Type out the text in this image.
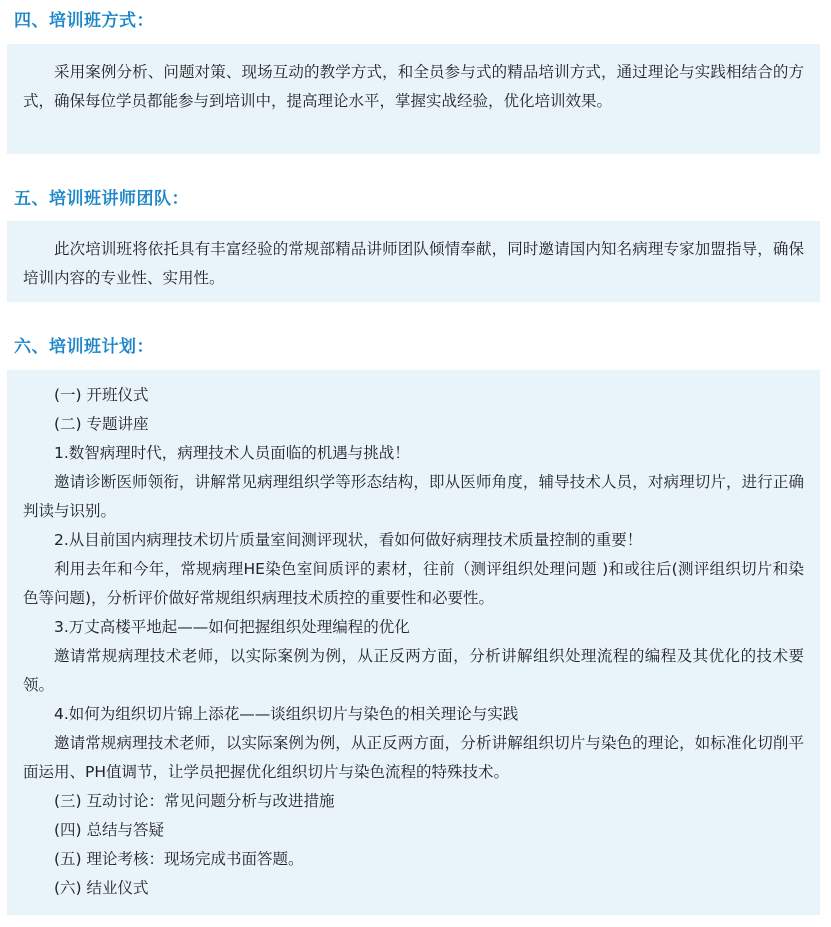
四、培训班方式：

采用案例分析、问题对策、现场互动的教学方式，和全员参与式的精品培训方式，通过理论与实践相结合的方式，确保每位学员都能参与到培训中，提高理论水平，掌握实战经验，优化培训效果。

五、培训班讲师团队：

此次培训班将依托具有丰富经验的常规部精品讲师团队倾情奉献，同时邀请国内知名病理专家加盟指导，确保培训内容的专业性、实用性。

六、培训班计划：

(一) 开班仪式

(二) 专题讲座

1.数智病理时代，病理技术人员面临的机遇与挑战！

邀请诊断医师领衔，讲解常见病理组织学等形态结构，即从医师角度，辅导技术人员，对病理切片，进行正确判读与识别。

2.从目前国内病理技术切片质量室间测评现状，看如何做好病理技术质量控制的重要！

利用去年和今年，常规病理HE染色室间质评的素材，往前（测评组织处理问题 )和或往后(测评组织切片和染色等问题)，分析评价做好常规组织病理技术质控的重要性和必要性。

3.万丈高楼平地起——如何把握组织处理编程的优化

邀请常规病理技术老师，以实际案例为例，从正反两方面，分析讲解组织处理流程的编程及其优化的技术要领。

4.如何为组织切片锦上添花——谈组织切片与染色的相关理论与实践

邀请常规病理技术老师，以实际案例为例，从正反两方面，分析讲解组织切片与染色的理论，如标准化切削平面运用、PH值调节，让学员把握优化组织切片与染色流程的特殊技术。

(三) 互动讨论：常见问题分析与改进措施

(四) 总结与答疑

(五) 理论考核：现场完成书面答题。

(六) 结业仪式
